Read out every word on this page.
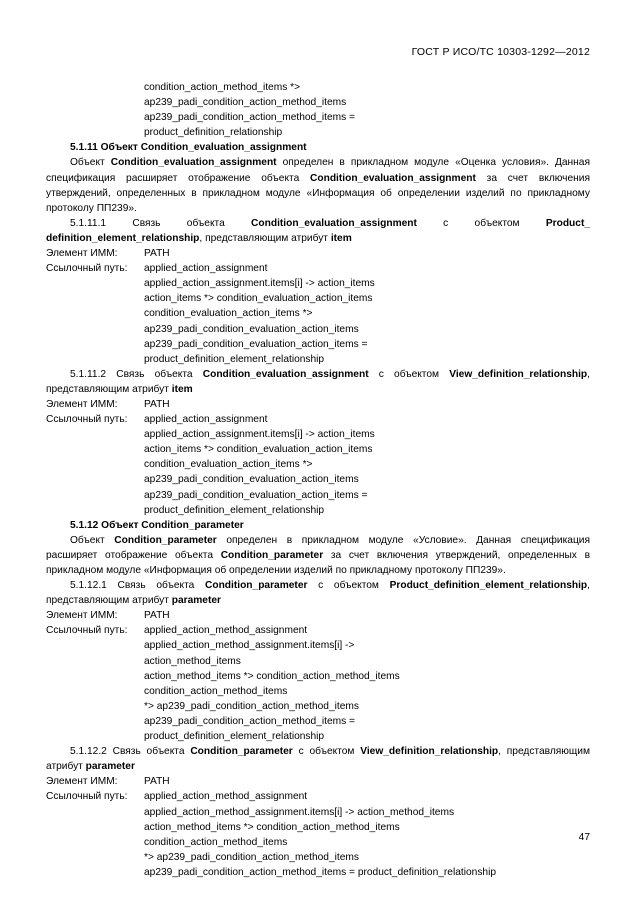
ГОСТ Р ИСО/ТС 10303-1292—2012
condition_action_method_items *>
ap239_padi_condition_action_method_items
ap239_padi_condition_action_method_items =
product_definition_relationship
5.1.11 Объект Condition_evaluation_assignment
Объект Condition_evaluation_assignment определен в прикладном модуле «Оценка условия». Данная спецификация расширяет отображение объекта Condition_evaluation_assignment за счет включения утверждений, определенных в прикладном модуле «Информация об определении изделий по прикладному протоколу ПП239».
5.1.11.1 Связь объекта Condition_evaluation_assignment с объектом Product_ definition_element_relationship, представляющим атрибут item
Элемент ИММ:	PATH
Ссылочный путь: applied_action_assignment
applied_action_assignment.items[i] -> action_items
action_items *> condition_evaluation_action_items
condition_evaluation_action_items *>
ap239_padi_condition_evaluation_action_items
ap239_padi_condition_evaluation_action_items =
product_definition_element_relationship
5.1.11.2 Связь объекта Condition_evaluation_assignment с объектом View_definition_relationship, представляющим атрибут item
Элемент ИММ:	PATH
Ссылочный путь: applied_action_assignment
applied_action_assignment.items[i] -> action_items
action_items *> condition_evaluation_action_items
condition_evaluation_action_items *>
ap239_padi_condition_evaluation_action_items
ap239_padi_condition_evaluation_action_items =
product_definition_element_relationship
5.1.12 Объект Condition_parameter
Объект Condition_parameter определен в прикладном модуле «Условие». Данная спецификация расширяет отображение объекта Condition_parameter за счет включения утверждений, определенных в прикладном модуле «Информация об определении изделий по прикладному протоколу ПП239».
5.1.12.1 Связь объекта Condition_parameter с объектом Product_definition_element_relationship, представляющим атрибут parameter
Элемент ИММ:	PATH
Ссылочный путь: applied_action_method_assignment
applied_action_method_assignment.items[i] ->
action_method_items
action_method_items *> condition_action_method_items
condition_action_method_items
*> ap239_padi_condition_action_method_items
ap239_padi_condition_action_method_items =
product_definition_element_relationship
5.1.12.2 Связь объекта Condition_parameter с объектом View_definition_relationship, представляющим атрибут parameter
Элемент ИММ:	PATH
Ссылочный путь: applied_action_method_assignment
applied_action_method_assignment.items[i] -> action_method_items
action_method_items *> condition_action_method_items
condition_action_method_items
*> ap239_padi_condition_action_method_items
ap239_padi_condition_action_method_items = product_definition_relationship
47
